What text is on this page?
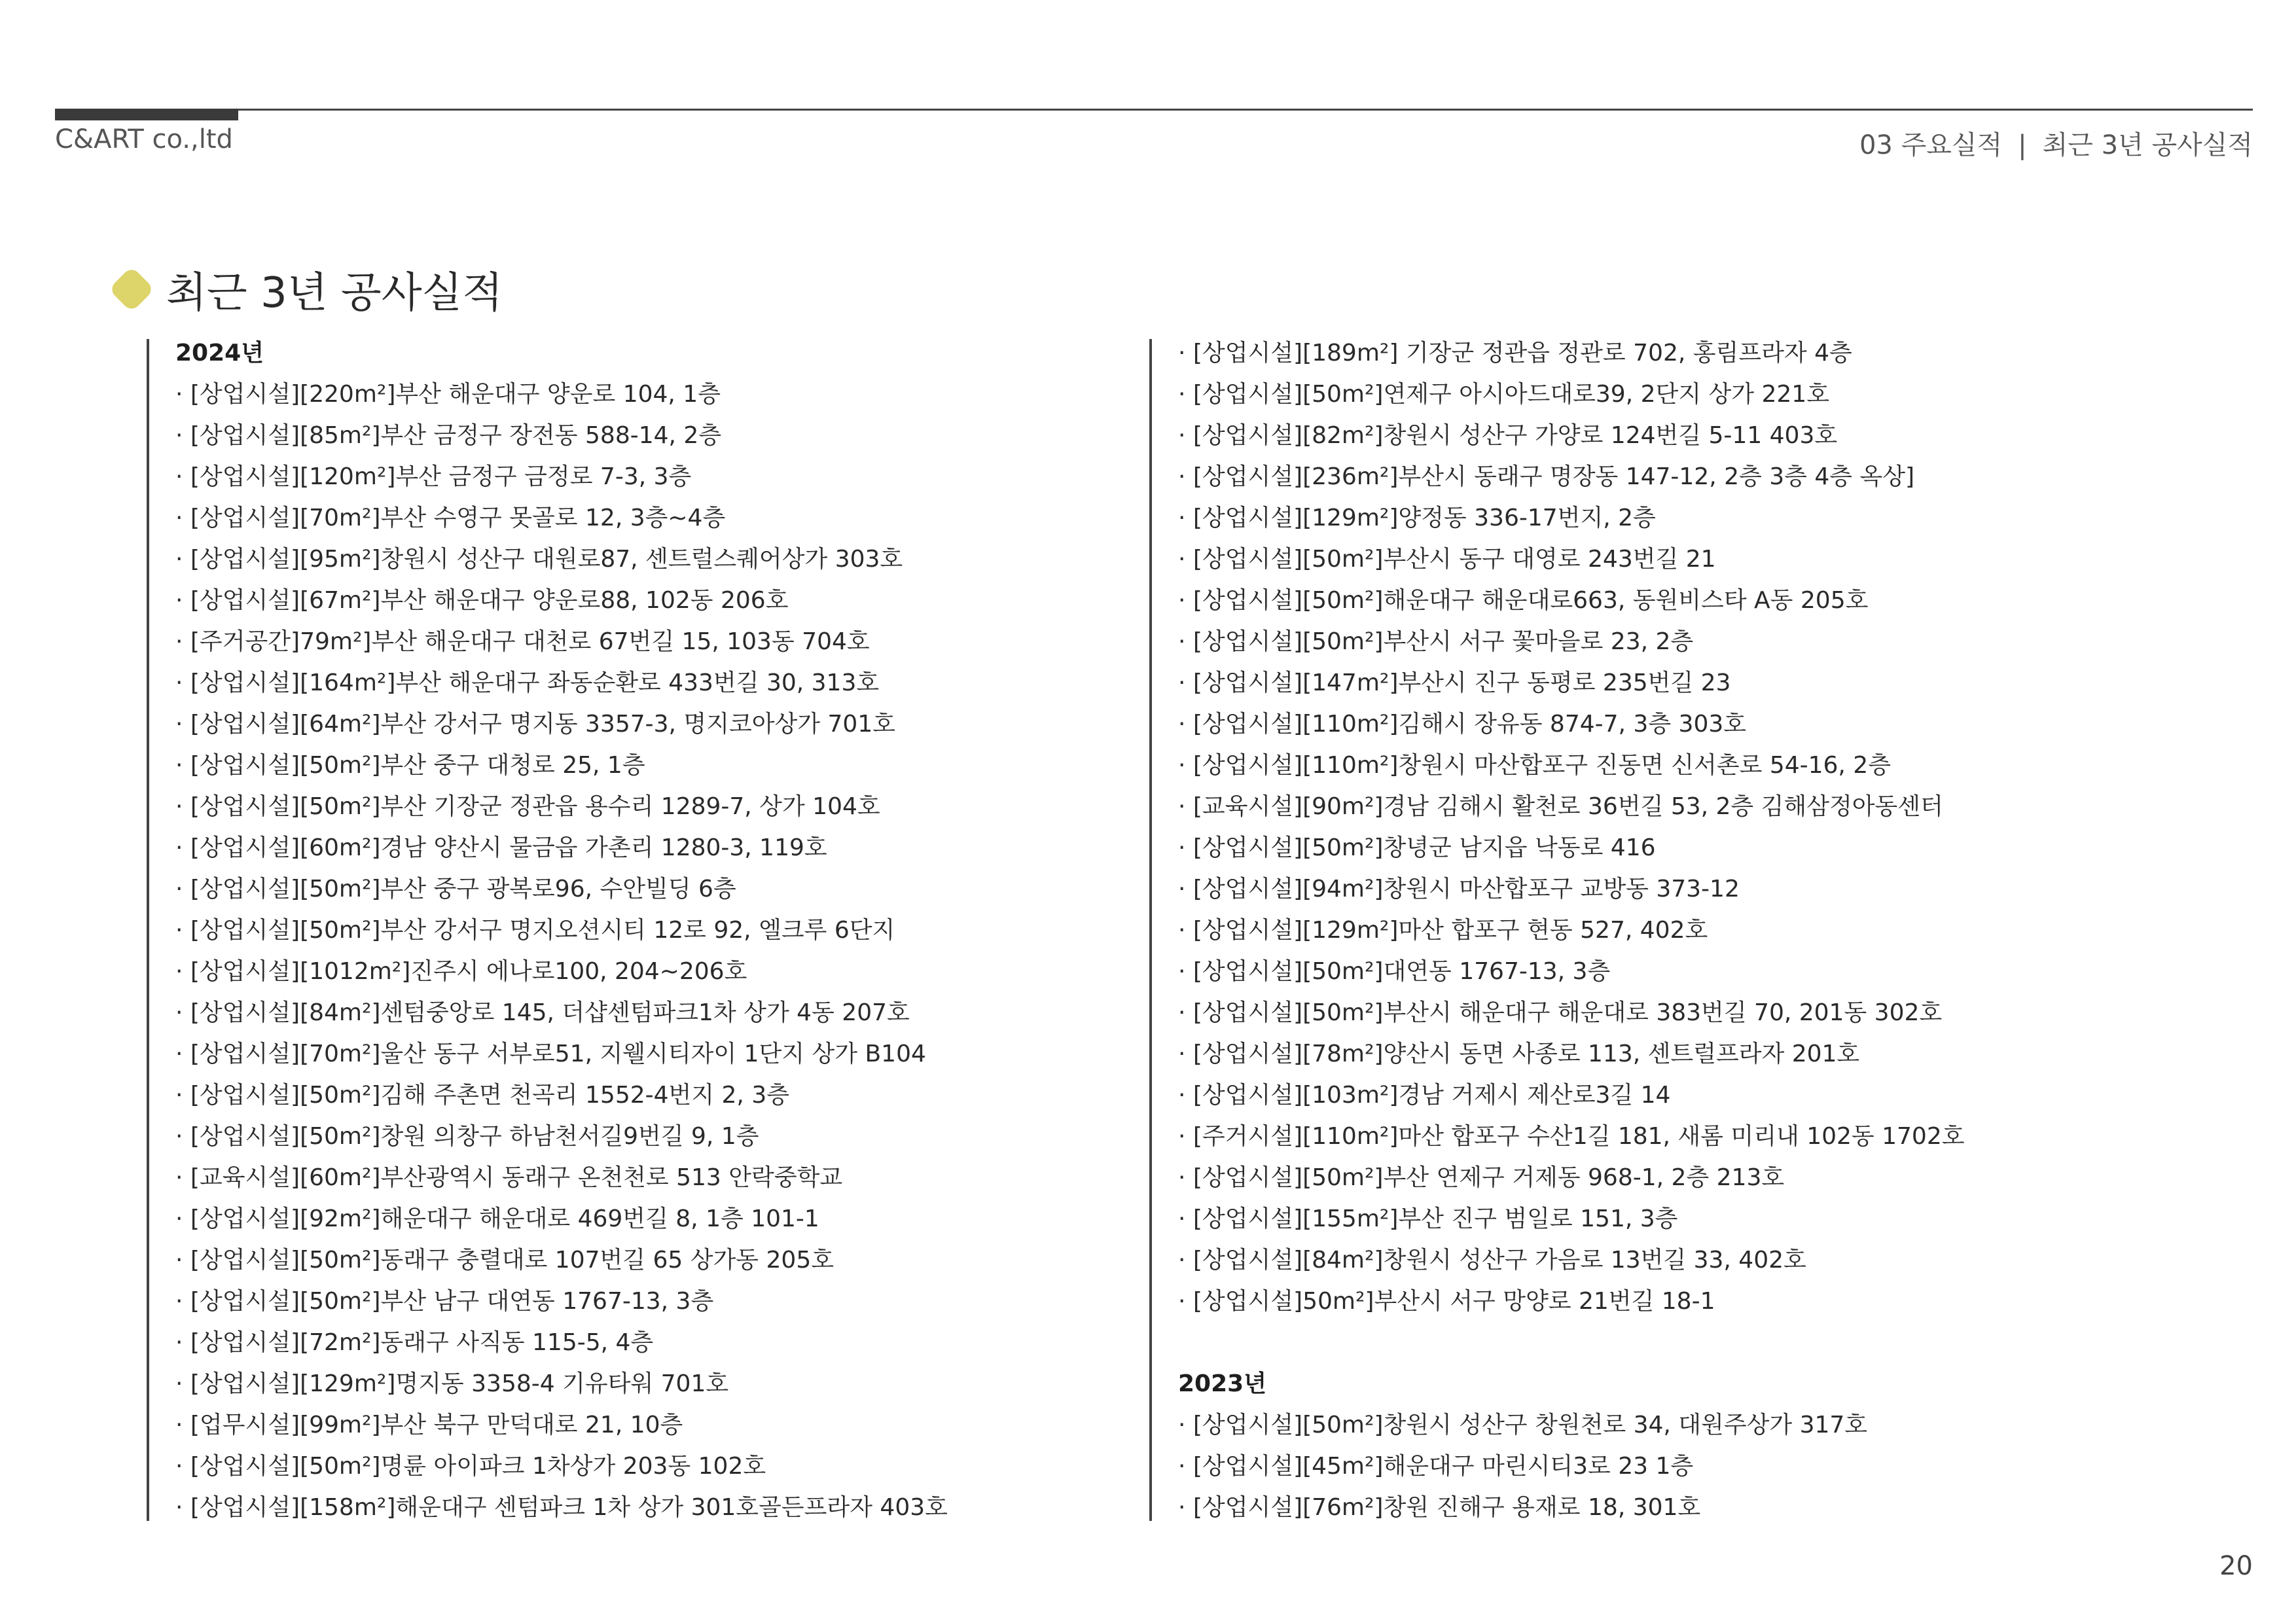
C&ART co.,ltd	03 주요실적 | 최근 3년 공사실적
최근 3년 공사실적
2024년
· [상업시설][220m²]부산 해운대구 양운로 104, 1층
· [상업시설][85m²]부산 금정구 장전동 588-14, 2층
· [상업시설][120m²]부산 금정구 금정로 7-3, 3층
· [상업시설][70m²]부산 수영구 못골로 12, 3층~4층
· [상업시설][95m²]창원시 성산구 대원로87, 센트럴스퀘어상가 303호
· [상업시설][67m²]부산 해운대구 양운로88, 102동 206호
· [주거공간]79m²]부산 해운대구 대천로 67번길 15, 103동 704호
· [상업시설][164m²]부산 해운대구 좌동순환로 433번길 30, 313호
· [상업시설][64m²]부산 강서구 명지동 3357-3, 명지코아상가 701호
· [상업시설][50m²]부산 중구 대청로 25, 1층
· [상업시설][50m²]부산 기장군 정관읍 용수리 1289-7, 상가 104호
· [상업시설][60m²]경남 양산시 물금읍 가촌리 1280-3, 119호
· [상업시설][50m²]부산 중구 광복로96, 수안빌딩 6층
· [상업시설][50m²]부산 강서구 명지오션시티 12로 92, 엘크루 6단지
· [상업시설][1012m²]진주시 에나로100, 204~206호
· [상업시설][84m²]센텀중앙로 145, 더샵센텀파크1차 상가 4동 207호
· [상업시설][70m²]울산 동구 서부로51, 지웰시티자이 1단지 상가 B104
· [상업시설][50m²]김해 주촌면 천곡리 1552-4번지 2, 3층
· [상업시설][50m²]창원 의창구 하남천서길9번길 9, 1층
· [교육시설][60m²]부산광역시 동래구 온천천로 513 안락중학교
· [상업시설][92m²]해운대구 해운대로 469번길 8, 1층 101-1
· [상업시설][50m²]동래구 충렬대로 107번길 65 상가동 205호
· [상업시설][50m²]부산 남구 대연동 1767-13, 3층
· [상업시설][72m²]동래구 사직동 115-5, 4층
· [상업시설][129m²]명지동 3358-4 기유타워 701호
· [업무시설][99m²]부산 북구 만덕대로 21, 10층
· [상업시설][50m²]명륜 아이파크 1차상가 203동 102호
· [상업시설][158m²]해운대구 센텀파크 1차 상가 301호골든프라자 403호
· [상업시설][189m²] 기장군 정관읍 정관로 702, 홍림프라자 4층
· [상업시설][50m²]연제구 아시아드대로39, 2단지 상가 221호
· [상업시설][82m²]창원시 성산구 가양로 124번길 5-11 403호
· [상업시설][236m²]부산시 동래구 명장동 147-12, 2층 3층 4층 옥상]
· [상업시설][129m²]양정동 336-17번지, 2층
· [상업시설][50m²]부산시 동구 대영로 243번길 21
· [상업시설][50m²]해운대구 해운대로663, 동원비스타 A동 205호
· [상업시설][50m²]부산시 서구 꽃마을로 23, 2층
· [상업시설][147m²]부산시 진구 동평로 235번길 23
· [상업시설][110m²]김해시 장유동 874-7, 3층 303호
· [상업시설][110m²]창원시 마산합포구 진동면 신서촌로 54-16, 2층
· [교육시설][90m²]경남 김해시 활천로 36번길 53, 2층 김해삼정아동센터
· [상업시설][50m²]창녕군 남지읍 낙동로 416
· [상업시설][94m²]창원시 마산합포구 교방동 373-12
· [상업시설][129m²]마산 합포구 현동 527, 402호
· [상업시설][50m²]대연동 1767-13, 3층
· [상업시설][50m²]부산시 해운대구 해운대로 383번길 70, 201동 302호
· [상업시설][78m²]양산시 동면 사종로 113, 센트럴프라자 201호
· [상업시설][103m²]경남 거제시 제산로3길 14
· [주거시설][110m²]마산 합포구 수산1길 181, 새롬 미리내 102동 1702호
· [상업시설][50m²]부산 연제구 거제동 968-1, 2층 213호
· [상업시설][155m²]부산 진구 범일로 151, 3층
· [상업시설][84m²]창원시 성산구 가음로 13번길 33, 402호
· [상업시설]50m²]부산시 서구 망양로 21번길 18-1
2023년
· [상업시설][50m²]창원시 성산구 창원천로 34, 대원주상가 317호
· [상업시설][45m²]해운대구 마린시티3로 23 1층
· [상업시설][76m²]창원 진해구 용재로 18, 301호
20
